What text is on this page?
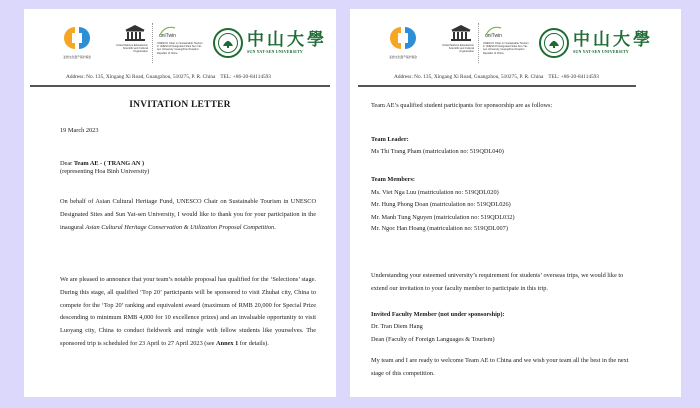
亚洲文化遗产保护基金
United Nations Educational, Scientific and Cultural Organization
uniTwin
UNESCO Chair on Sustainable Tourism in UNESCO Designated Sites Sun Yat-sen University, Guangzhou People's Republic of China
中山大學
SUN YAT-SEN UNIVERSITY
Address: No. 135, Xingang Xi Road, Guangzhou, 510275, P. R. China TEL: +86-20-84114593
INVITATION LETTER
19 March 2023
Dear Team AE - ( TRANG AN )
(representing Hoa Binh University)
On behalf of Asian Cultural Heritage Fund, UNESCO Chair on Sustainable Tourism in UNESCO Designated Sites and Sun Yat-sen University, I would like to thank you for your participation in the inaugural Asian Cultural Heritage Conservation & Utilization Proposal Competition.
We are pleased to announce that your team’s notable proposal has qualified for the ‘Selections’ stage. During this stage, all qualified ‘Top 20’ participants will be sponsored to visit Zhuhai city, China to compete for the ‘Top 20’ ranking and equivalent award (maximum of RMB 20,000 for Special Prize descending to minimum RMB 4,000 for 10 excellence prizes) and an invaluable opportunity to visit Luoyang city, China to conduct fieldwork and mingle with fellow students like yourselves. The sponsored trip is scheduled for 23 April to 27 April 2023 (see Annex 1 for details).
亚洲文化遗产保护基金
United Nations Educational, Scientific and Cultural Organization
uniTwin
UNESCO Chair on Sustainable Tourism in UNESCO Designated Sites Sun Yat-sen University, Guangzhou People's Republic of China
中山大學
SUN YAT-SEN UNIVERSITY
Address: No. 135, Xingang Xi Road, Guangzhou, 510275, P. R. China TEL: +86-20-84114593
Team AE’s qualified student participants for sponsorship are as follows:
Team Leader:
Ms Thi Trang Pham (matriculation no: 519QDL040)
Team Members:
Ms. Viet Nga Luu (matriculation no: 519QDL020)
Mr. Hung Phong Doan (matriculation no: 519QDL026)
Mr. Manh Tung Nguyen (matriculation no: 519QDL032)
Mr. Ngoc Han Hoang (matriculation no: 519QDL007)
Understanding your esteemed university’s requirement for students’ overseas trips, we would like to extend our invitation to your faculty member to participate in this trip.
Invited Faculty Member (not under sponsorship):
Dr. Tran Diem Hang
Dean (Faculty of Foreign Languages & Tourism)
My team and I are ready to welcome Team AE to China and we wish your team all the best in the next stage of this competition.
